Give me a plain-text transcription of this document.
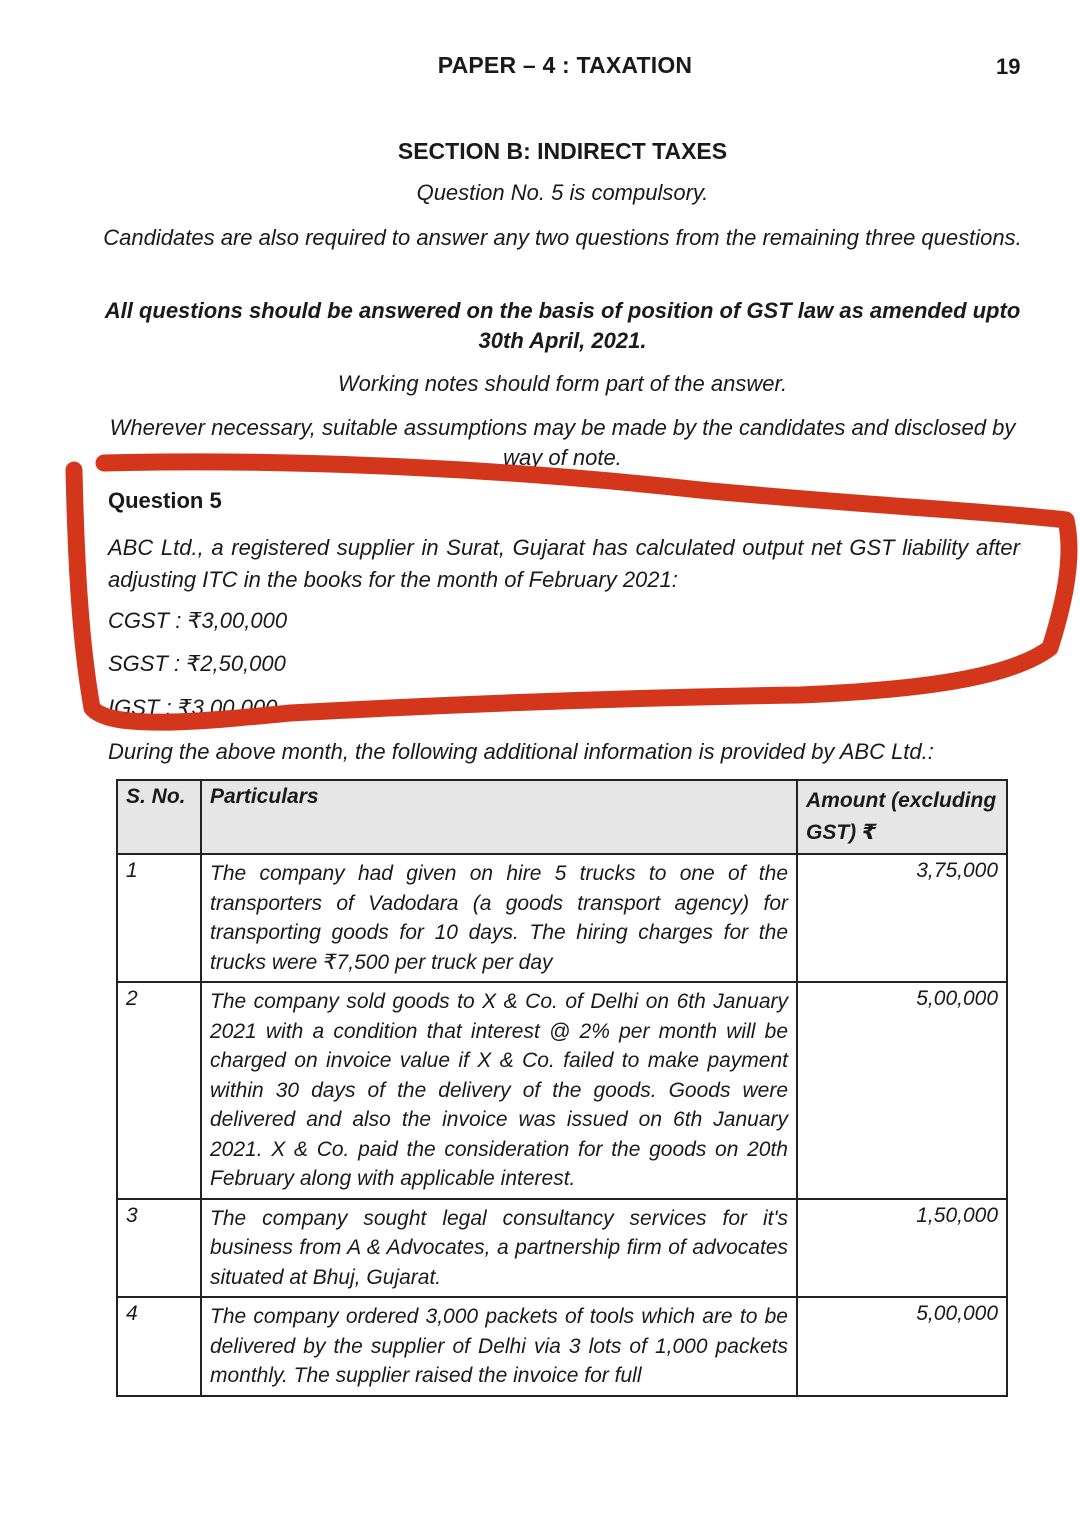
PAPER – 4 : TAXATION	19
SECTION B: INDIRECT TAXES
Question No. 5 is compulsory.
Candidates are also required to answer any two questions from the remaining three questions.
All questions should be answered on the basis of position of GST law as amended upto 30th April, 2021.
Working notes should form part of the answer.
Wherever necessary, suitable assumptions may be made by the candidates and disclosed by way of note.
Question 5
ABC Ltd., a registered supplier in Surat, Gujarat has calculated output net GST liability after adjusting ITC in the books for the month of February 2021:
CGST : ₹3,00,000
SGST : ₹2,50,000
IGST : ₹3,00,000
During the above month, the following additional information is provided by ABC Ltd.:
S. No.	Particulars	Amount (excluding GST) ₹
1	The company had given on hire 5 trucks to one of the transporters of Vadodara (a goods transport agency) for transporting goods for 10 days. The hiring charges for the trucks were ₹7,500 per truck per day	3,75,000
2	The company sold goods to X & Co. of Delhi on 6th January 2021 with a condition that interest @ 2% per month will be charged on invoice value if X & Co. failed to make payment within 30 days of the delivery of the goods. Goods were delivered and also the invoice was issued on 6th January 2021. X & Co. paid the consideration for the goods on 20th February along with applicable interest.	5,00,000
3	The company sought legal consultancy services for it's business from A & Advocates, a partnership firm of advocates situated at Bhuj, Gujarat.	1,50,000
4	The company ordered 3,000 packets of tools which are to be delivered by the supplier of Delhi via 3 lots of 1,000 packets monthly. The supplier raised the invoice for full	5,00,000
